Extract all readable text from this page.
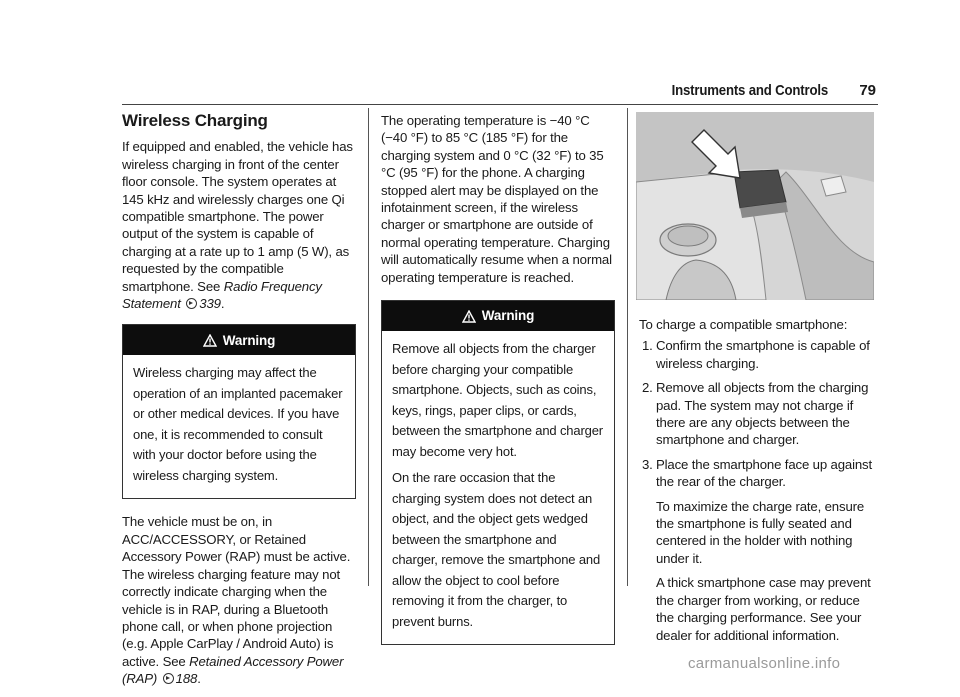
Instruments and Controls	79
Wireless Charging

If equipped and enabled, the vehicle has wireless charging in front of the center floor console. The system operates at 145 kHz and wirelessly charges one Qi compatible smartphone. The power output of the system is capable of charging at a rate up to 1 amp (5 W), as requested by the compatible smartphone. See Radio Frequency Statement 339.

Warning

Wireless charging may affect the operation of an implanted pacemaker or other medical devices. If you have one, it is recommended to consult with your doctor before using the wireless charging system.

The vehicle must be on, in ACC/ACCESSORY, or Retained Accessory Power (RAP) must be active. The wireless charging feature may not correctly indicate charging when the vehicle is in RAP, during a Bluetooth phone call, or when phone projection (e.g. Apple CarPlay / Android Auto) is active. See Retained Accessory Power (RAP) 188.

The operating temperature is −40 °C (−40 °F) to 85 °C (185 °F) for the charging system and 0 °C (32 °F) to 35 °C (95 °F) for the phone. A charging stopped alert may be displayed on the infotainment screen, if the wireless charger or smartphone are outside of normal operating temperature. Charging will automatically resume when a normal operating temperature is reached.

Warning

Remove all objects from the charger before charging your compatible smartphone. Objects, such as coins, keys, rings, paper clips, or cards, between the smartphone and charger may become very hot.

On the rare occasion that the charging system does not detect an object, and the object gets wedged between the smartphone and charger, remove the smartphone and allow the object to cool before removing it from the charger, to prevent burns.

To charge a compatible smartphone:

1. Confirm the smartphone is capable of wireless charging.
2. Remove all objects from the charging pad. The system may not charge if there are any objects between the smartphone and charger.
3. Place the smartphone face up against the rear of the charger.

To maximize the charge rate, ensure the smartphone is fully seated and centered in the holder with nothing under it.

A thick smartphone case may prevent the charger from working, or reduce the charging performance. See your dealer for additional information.

carmanualsonline.info
